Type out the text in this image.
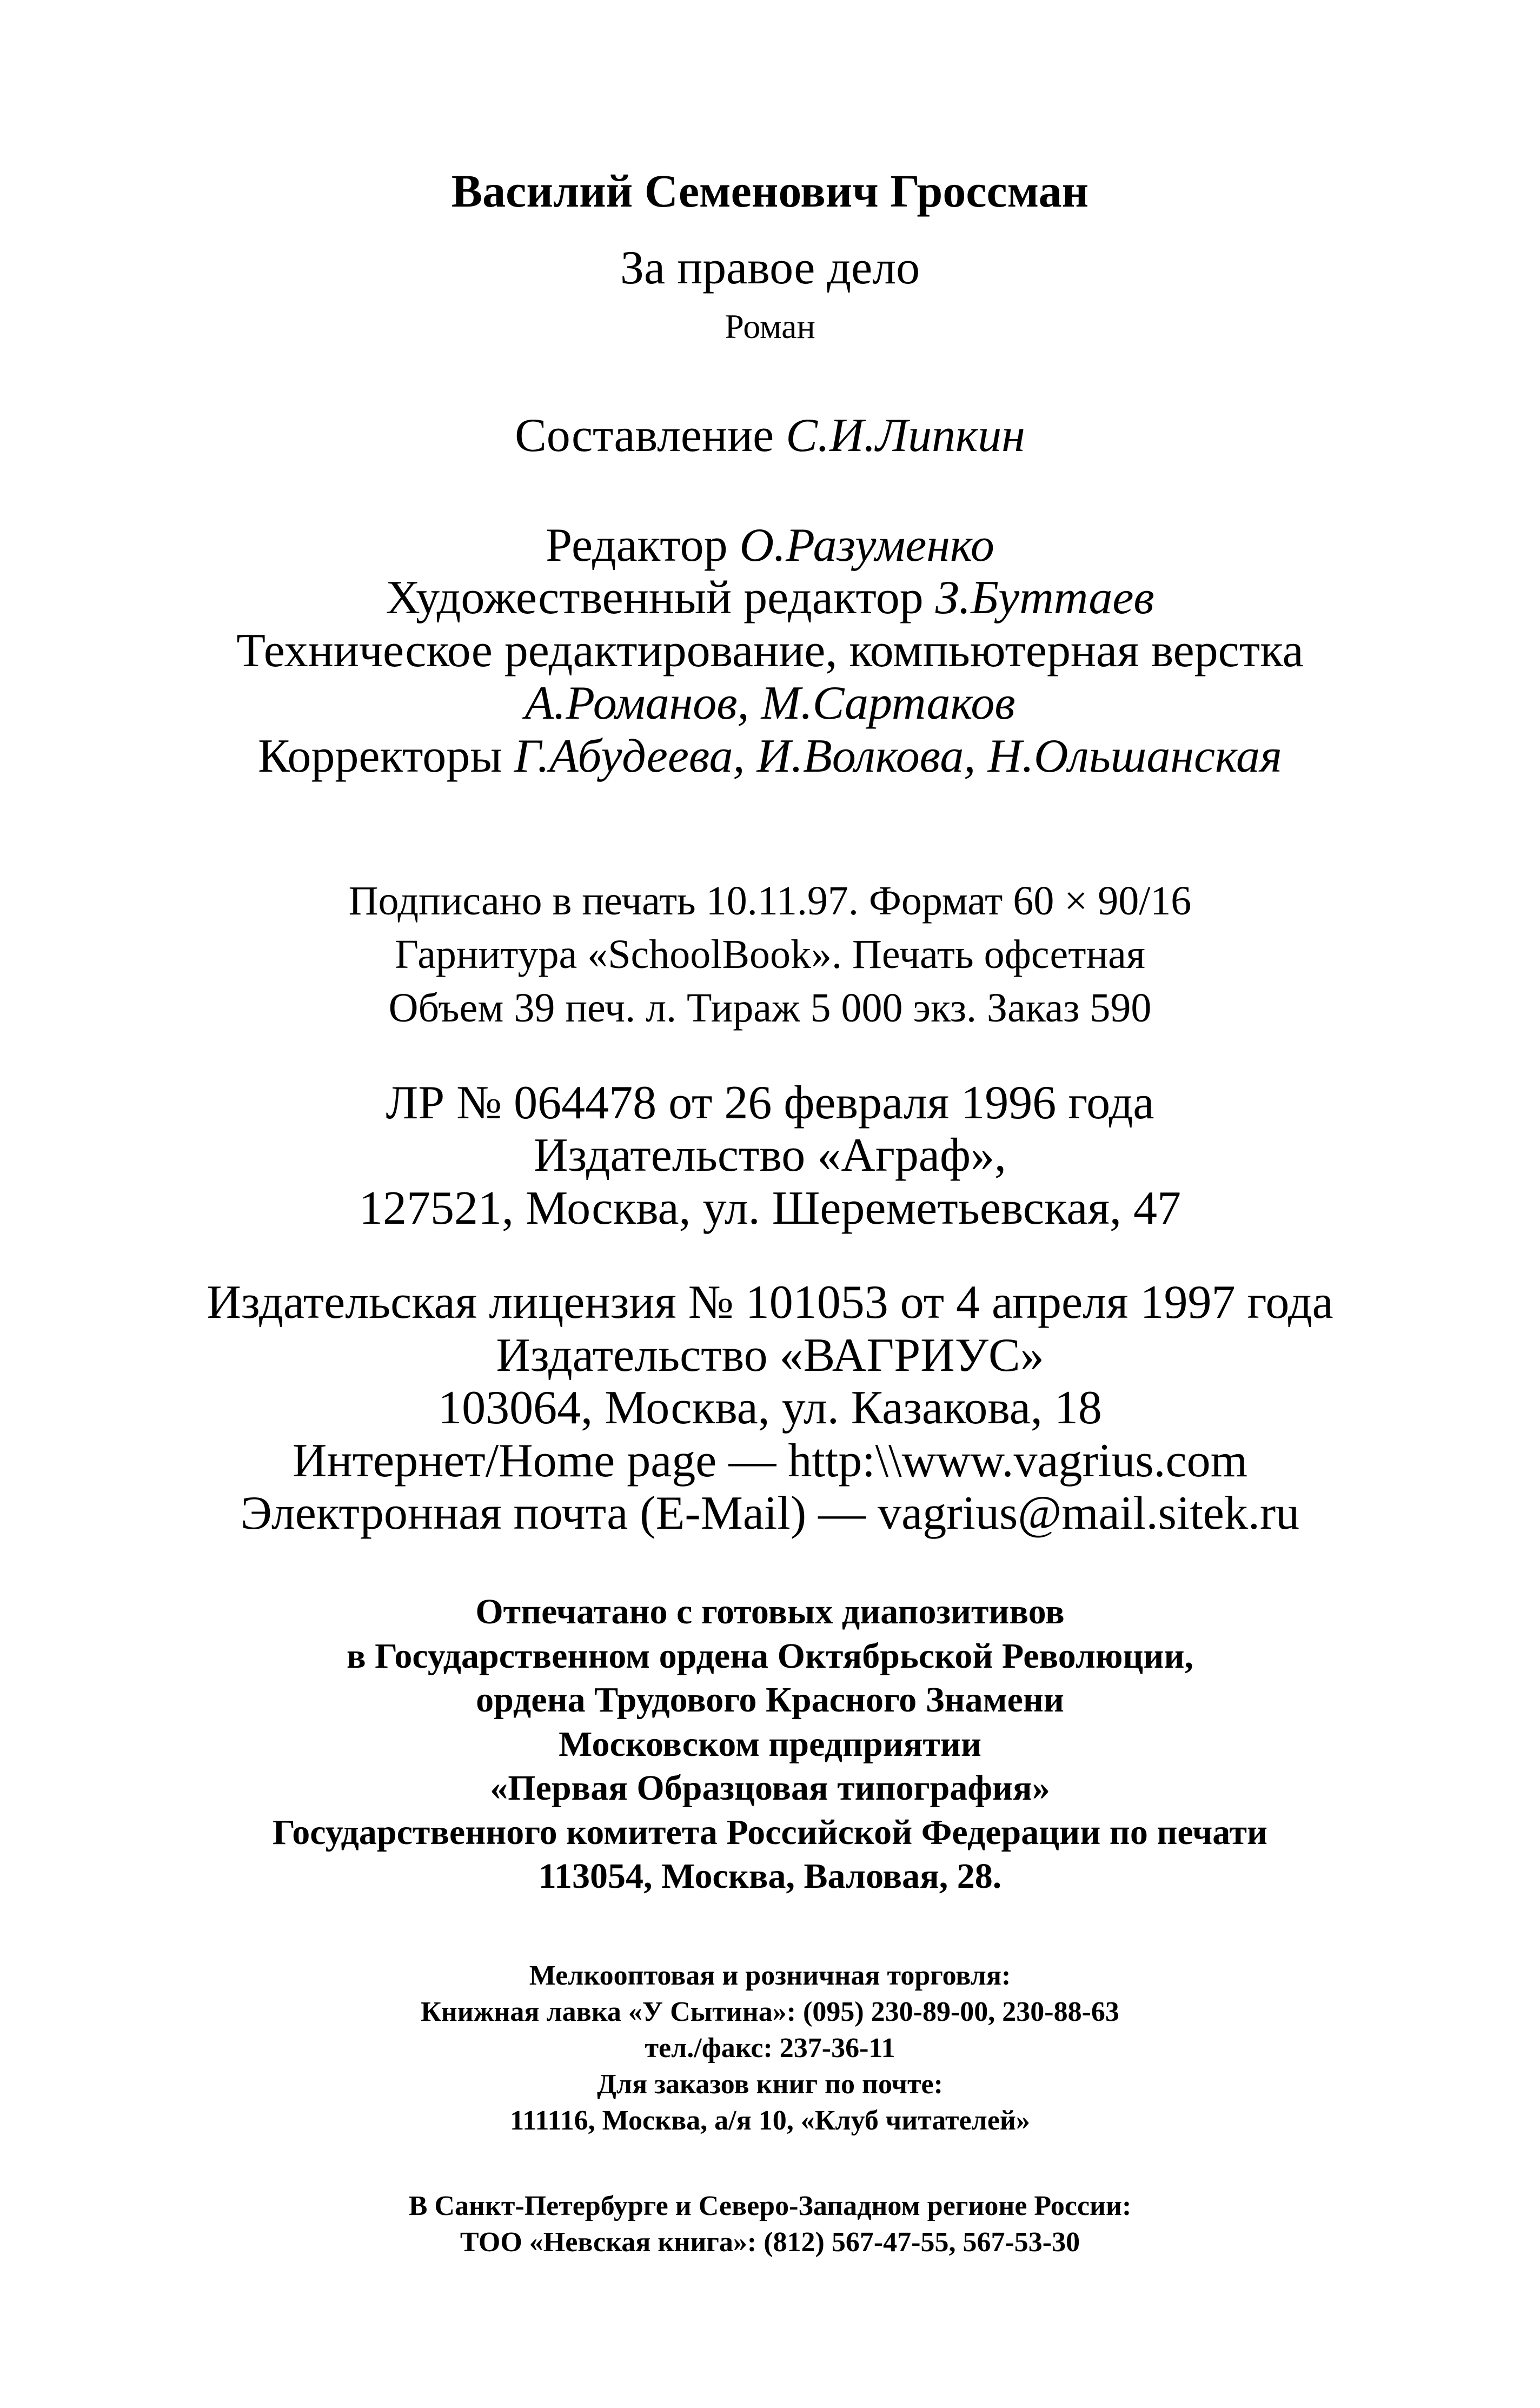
Василий Семенович Гроссман
За правое дело
Роман
Составление С.И.Липкин
Редактор О.Разуменко
Художественный редактор З.Буттаев
Техническое редактирование, компьютерная верстка
А.Романов, М.Сартаков
Корректоры Г.Абудеева, И.Волкова, Н.Ольшанская
Подписано в печать 10.11.97. Формат 60 × 90/16
Гарнитура «SchoolBook». Печать офсетная
Объем 39 печ. л. Тираж 5 000 экз. Заказ 590
ЛР № 064478 от 26 февраля 1996 года
Издательство «Аграф»,
127521, Москва, ул. Шереметьевская, 47
Издательская лицензия № 101053 от 4 апреля 1997 года
Издательство «ВАГРИУС»
103064, Москва, ул. Казакова, 18
Интернет/Home page — http:\\www.vagrius.com
Электронная почта (E-Mail) — vagrius@mail.sitek.ru
Отпечатано с готовых диапозитивов
в Государственном ордена Октябрьской Революции,
ордена Трудового Красного Знамени
Московском предприятии
«Первая Образцовая типография»
Государственного комитета Российской Федерации по печати
113054, Москва, Валовая, 28.
Мелкооптовая и розничная торговля:
Книжная лавка «У Сытина»: (095) 230-89-00, 230-88-63
тел./факс: 237-36-11
Для заказов книг по почте:
111116, Москва, а/я 10, «Клуб читателей»
В Санкт-Петербурге и Северо-Западном регионе России:
ТОО «Невская книга»: (812) 567-47-55, 567-53-30
